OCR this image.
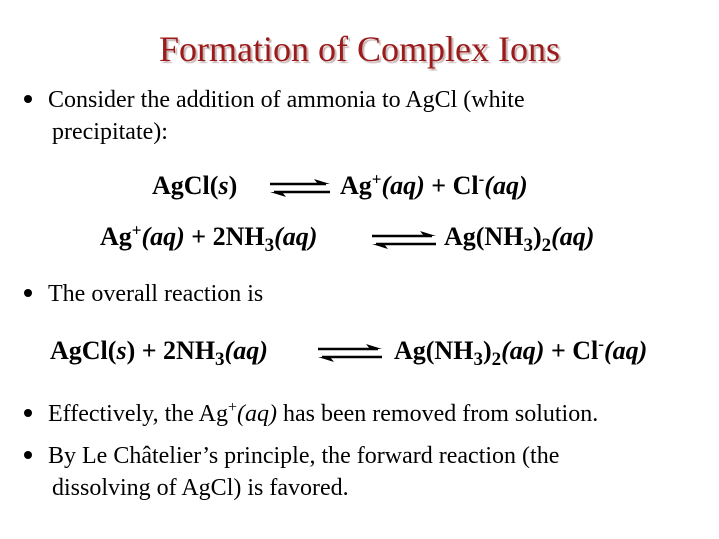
Formation of Complex Ions
Consider the addition of ammonia to AgCl (white
precipitate):
AgCl(s) ⇌ Ag+(aq) + Cl-(aq)
$Ag^+(aq) + 2NH_3(aq)$	$Ag(NH_3)_2(aq)$
The overall reaction is
AgCl(s) + $2NH_3(aq)$	$Ag(NH_3)_2(aq) + Cl^-(aq)$
Effectively, the Ag+(aq) has been removed from solution.
By Le Châtelier’s principle, the forward reaction (the
dissolving of AgCl) is favored.
